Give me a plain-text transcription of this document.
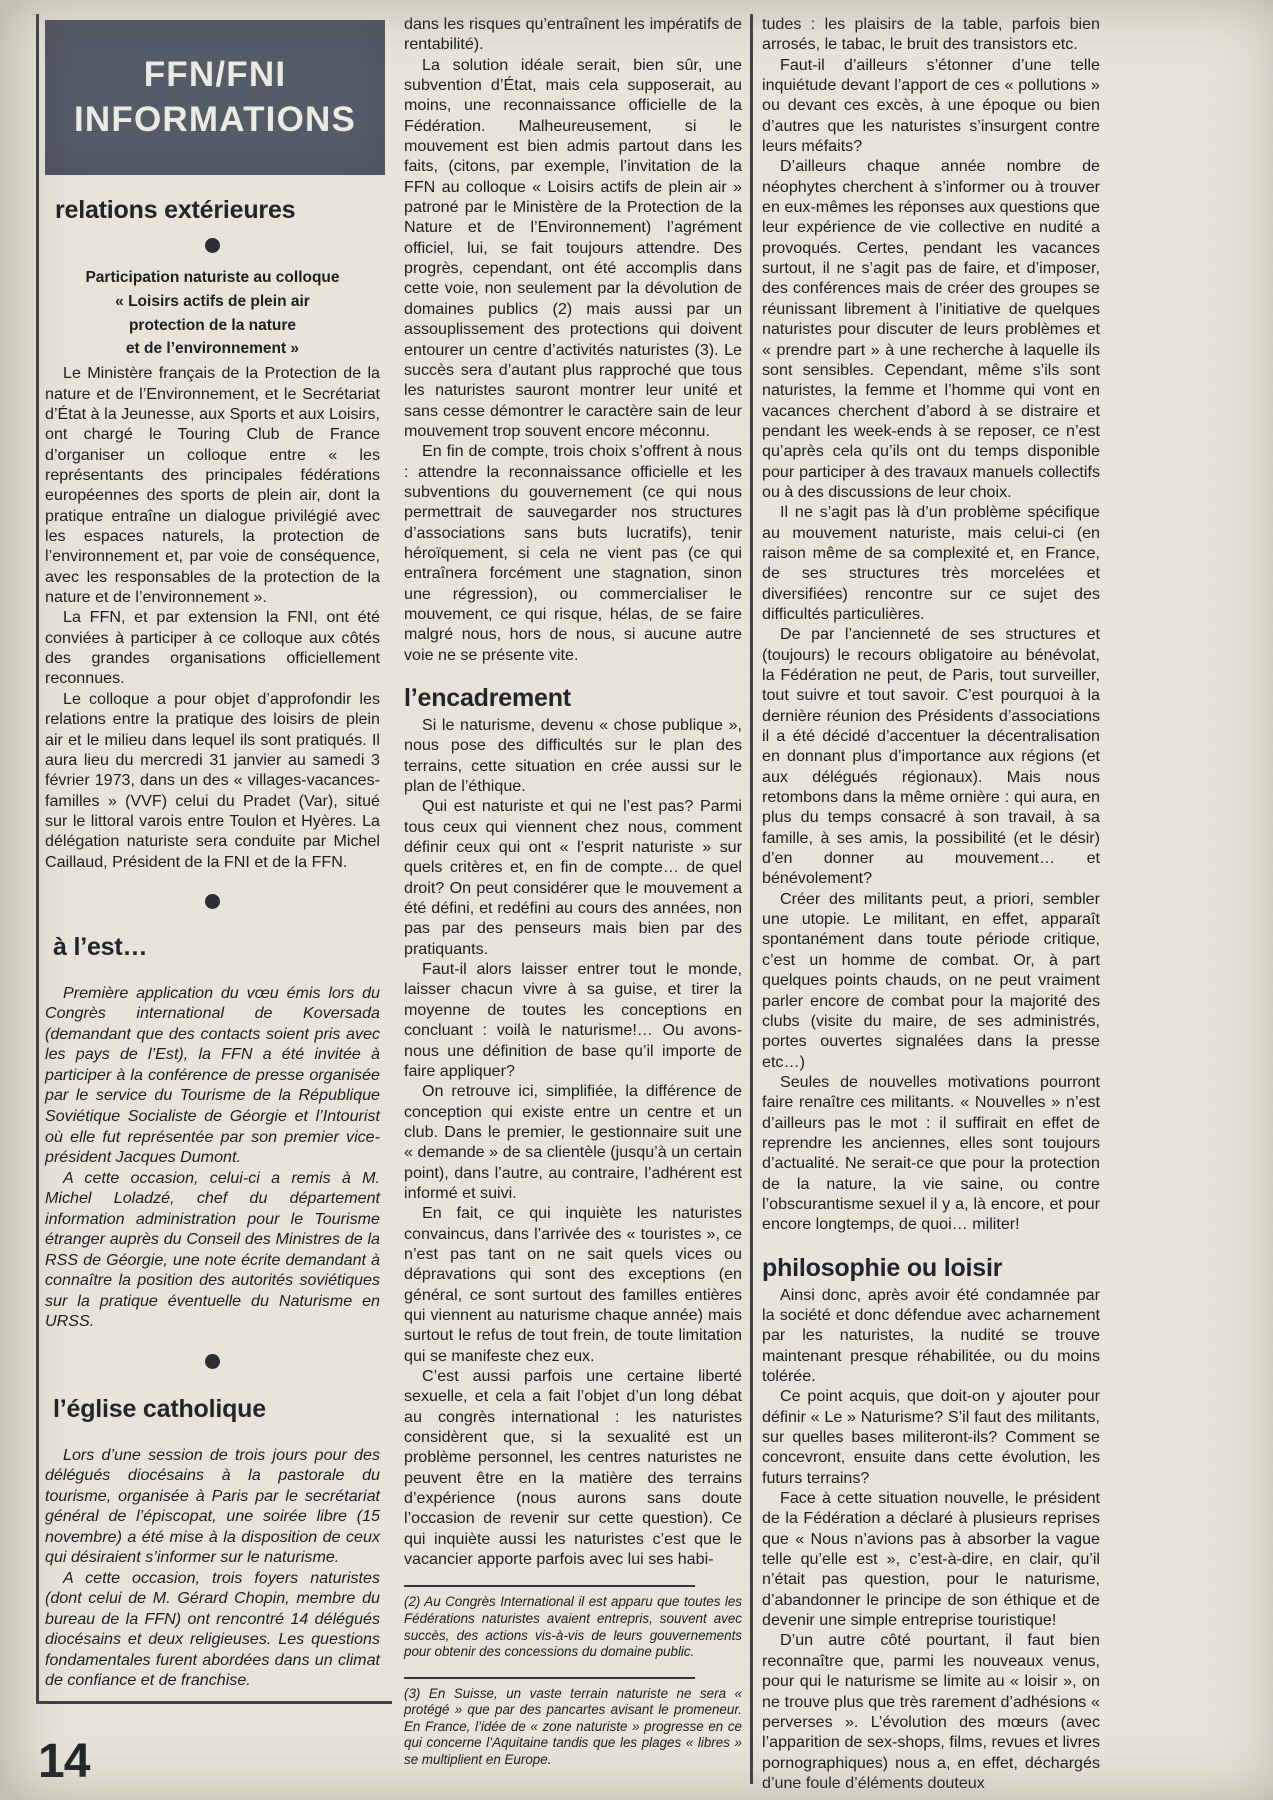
FFN/FNI
INFORMATIONS
relations extérieures
Participation naturiste au colloque
« Loisirs actifs de plein air
protection de la nature
et de l’environnement »

Le Ministère français de la Protection de la nature et de l’Environnement, et le Secrétariat d’État à la Jeunesse, aux Sports et aux Loisirs, ont chargé le Touring Club de France d’organiser un colloque entre « les représentants des principales fédérations européennes des sports de plein air, dont la pratique entraîne un dialogue privilégié avec les espaces naturels, la protection de l’environnement et, par voie de conséquence, avec les responsables de la protection de la nature et de l’environnement ».

La FFN, et par extension la FNI, ont été conviées à participer à ce colloque aux côtés des grandes organisations officiellement reconnues.

Le colloque a pour objet d’approfondir les relations entre la pratique des loisirs de plein air et le milieu dans lequel ils sont pratiqués. Il aura lieu du mercredi 31 janvier au samedi 3 février 1973, dans un des « villages-vacances-familles » (VVF) celui du Pradet (Var), situé sur le littoral varois entre Toulon et Hyères. La délégation naturiste sera conduite par Michel Caillaud, Président de la FNI et de la FFN.

à l’est…

Première application du vœu émis lors du Congrès international de Koversada (demandant que des contacts soient pris avec les pays de l’Est), la FFN a été invitée à participer à la conférence de presse organisée par le service du Tourisme de la République Soviétique Socialiste de Géorgie et l’Intourist où elle fut représentée par son premier vice-président Jacques Dumont.

A cette occasion, celui-ci a remis à M. Michel Loladzé, chef du département information administration pour le Tourisme étranger auprès du Conseil des Ministres de la RSS de Géorgie, une note écrite demandant à connaître la position des autorités soviétiques sur la pratique éventuelle du Naturisme en URSS.

l’église catholique

Lors d’une session de trois jours pour des délégués diocésains à la pastorale du tourisme, organisée à Paris par le secrétariat général de l’épiscopat, une soirée libre (15 novembre) a été mise à la disposition de ceux qui désiraient s’informer sur le naturisme.

A cette occasion, trois foyers naturistes (dont celui de M. Gérard Chopin, membre du bureau de la FFN) ont rencontré 14 délégués diocésains et deux religieuses. Les questions fondamentales furent abordées dans un climat de confiance et de franchise.

dans les risques qu’entraînent les impératifs de rentabilité).

La solution idéale serait, bien sûr, une subvention d’État, mais cela supposerait, au moins, une reconnaissance officielle de la Fédération. Malheureusement, si le mouvement est bien admis partout dans les faits, (citons, par exemple, l’invitation de la FFN au colloque « Loisirs actifs de plein air » patroné par le Ministère de la Protection de la Nature et de l’Environnement) l’agrément officiel, lui, se fait toujours attendre. Des progrès, cependant, ont été accomplis dans cette voie, non seulement par la dévolution de domaines publics (2) mais aussi par un assouplissement des protections qui doivent entourer un centre d’activités naturistes (3). Le succès sera d’autant plus rapproché que tous les naturistes sauront montrer leur unité et sans cesse démontrer le caractère sain de leur mouvement trop souvent encore méconnu.

En fin de compte, trois choix s’offrent à nous : attendre la reconnaissance officielle et les subventions du gouvernement (ce qui nous permettrait de sauvegarder nos structures d’associations sans buts lucratifs), tenir héroïquement, si cela ne vient pas (ce qui entraînera forcément une stagnation, sinon une régression), ou commercialiser le mouvement, ce qui risque, hélas, de se faire malgré nous, hors de nous, si aucune autre voie ne se présente vite.

l’encadrement

Si le naturisme, devenu « chose publique », nous pose des difficultés sur le plan des terrains, cette situation en crée aussi sur le plan de l’éthique.

Qui est naturiste et qui ne l’est pas? Parmi tous ceux qui viennent chez nous, comment définir ceux qui ont « l’esprit naturiste » sur quels critères et, en fin de compte… de quel droit? On peut considérer que le mouvement a été défini, et redéfini au cours des années, non pas par des penseurs mais bien par des pratiquants.

Faut-il alors laisser entrer tout le monde, laisser chacun vivre à sa guise, et tirer la moyenne de toutes les conceptions en concluant : voilà le naturisme!… Ou avons-nous une définition de base qu’il importe de faire appliquer?

On retrouve ici, simplifiée, la différence de conception qui existe entre un centre et un club. Dans le premier, le gestionnaire suit une « demande » de sa clientèle (jusqu’à un certain point), dans l’autre, au contraire, l’adhérent est informé et suivi.

En fait, ce qui inquiète les naturistes convaincus, dans l’arrivée des « touristes », ce n’est pas tant on ne sait quels vices ou dépravations qui sont des exceptions (en général, ce sont surtout des familles entières qui viennent au naturisme chaque année) mais surtout le refus de tout frein, de toute limitation qui se manifeste chez eux.

C’est aussi parfois une certaine liberté sexuelle, et cela a fait l’objet d’un long débat au congrès international : les naturistes considèrent que, si la sexualité est un problème personnel, les centres naturistes ne peuvent être en la matière des terrains d’expérience (nous aurons sans doute l’occasion de revenir sur cette question). Ce qui inquiète aussi les naturistes c’est que le vacancier apporte parfois avec lui ses habi-

(2) Au Congrès International il est apparu que toutes les Fédérations naturistes avaient entrepris, souvent avec succès, des actions vis-à-vis de leurs gouvernements pour obtenir des concessions du domaine public.

(3) En Suisse, un vaste terrain naturiste ne sera « protégé » que par des pancartes avisant le promeneur. En France, l’idée de « zone naturiste » progresse en ce qui concerne l’Aquitaine tandis que les plages « libres » se multiplient en Europe.

tudes : les plaisirs de la table, parfois bien arrosés, le tabac, le bruit des transistors etc.

Faut-il d’ailleurs s’étonner d’une telle inquiétude devant l’apport de ces « pollutions » ou devant ces excès, à une époque ou bien d’autres que les naturistes s’insurgent contre leurs méfaits?

D’ailleurs chaque année nombre de néophytes cherchent à s’informer ou à trouver en eux-mêmes les réponses aux questions que leur expérience de vie collective en nudité a provoqués. Certes, pendant les vacances surtout, il ne s’agit pas de faire, et d’imposer, des conférences mais de créer des groupes se réunissant librement à l’initiative de quelques naturistes pour discuter de leurs problèmes et « prendre part » à une recherche à laquelle ils sont sensibles. Cependant, même s’ils sont naturistes, la femme et l’homme qui vont en vacances cherchent d’abord à se distraire et pendant les week-ends à se reposer, ce n’est qu’après cela qu’ils ont du temps disponible pour participer à des travaux manuels collectifs ou à des discussions de leur choix.

Il ne s’agit pas là d’un problème spécifique au mouvement naturiste, mais celui-ci (en raison même de sa complexité et, en France, de ses structures très morcelées et diversifiées) rencontre sur ce sujet des difficultés particulières.

De par l’ancienneté de ses structures et (toujours) le recours obligatoire au bénévolat, la Fédération ne peut, de Paris, tout surveiller, tout suivre et tout savoir. C’est pourquoi à la dernière réunion des Présidents d’associations il a été décidé d’accentuer la décentralisation en donnant plus d’importance aux régions (et aux délégués régionaux). Mais nous retombons dans la même ornière : qui aura, en plus du temps consacré à son travail, à sa famille, à ses amis, la possibilité (et le désir) d’en donner au mouvement… et bénévolement?

Créer des militants peut, a priori, sembler une utopie. Le militant, en effet, apparaît spontanément dans toute période critique, c’est un homme de combat. Or, à part quelques points chauds, on ne peut vraiment parler encore de combat pour la majorité des clubs (visite du maire, de ses administrés, portes ouvertes signalées dans la presse etc…)

Seules de nouvelles motivations pourront faire renaître ces militants. « Nouvelles » n’est d’ailleurs pas le mot : il suffirait en effet de reprendre les anciennes, elles sont toujours d’actualité. Ne serait-ce que pour la protection de la nature, la vie saine, ou contre l’obscurantisme sexuel il y a, là encore, et pour encore longtemps, de quoi… militer!

philosophie ou loisir

Ainsi donc, après avoir été condamnée par la société et donc défendue avec acharnement par les naturistes, la nudité se trouve maintenant presque réhabilitée, ou du moins tolérée.

Ce point acquis, que doit-on y ajouter pour définir « Le » Naturisme? S’il faut des militants, sur quelles bases militeront-ils? Comment se concevront, ensuite dans cette évolution, les futurs terrains?

Face à cette situation nouvelle, le président de la Fédération a déclaré à plusieurs reprises que « Nous n’avions pas à absorber la vague telle qu’elle est », c’est-à-dire, en clair, qu’il n’était pas question, pour le naturisme, d’abandonner le principe de son éthique et de devenir une simple entreprise touristique!

D’un autre côté pourtant, il faut bien reconnaître que, parmi les nouveaux venus, pour qui le naturisme se limite au « loisir », on ne trouve plus que très rarement d’adhésions « perverses ». L’évolution des mœurs (avec l’apparition de sex-shops, films, revues et livres pornographiques) nous a, en effet, déchargés d’une foule d’éléments douteux

14
